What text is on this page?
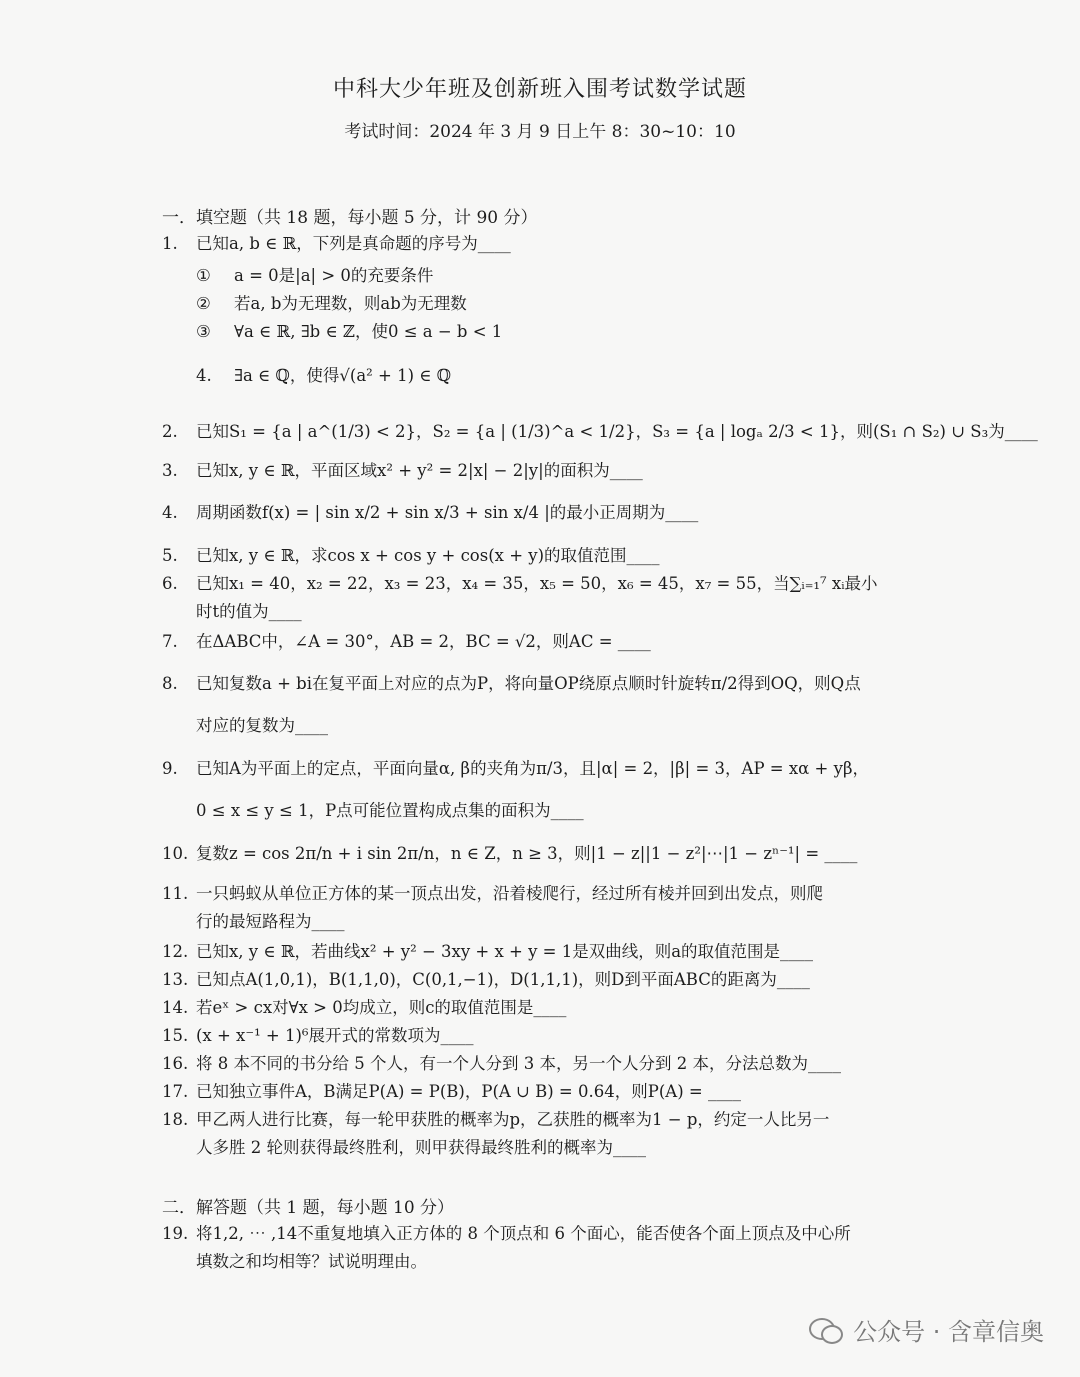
中科大少年班及创新班入围考试数学试题
考试时间：2024 年 3 月 9 日上午 8：30~10：10
一．填空题（共 18 题，每小题 5 分，计 90 分）
1. 已知a, b ∈ ℝ，下列是真命题的序号为____
① a = 0是|a| > 0的充要条件
② 若a, b为无理数，则ab为无理数
③ ∀a ∈ ℝ, ∃b ∈ ℤ，使0 ≤ a − b < 1
4. ∃a ∈ ℚ，使得√(a² + 1) ∈ ℚ
2. 已知S₁ = {a | a^(1/3) < 2}，S₂ = {a | (1/3)^a < 1/2}，S₃ = {a | logₐ 2/3 < 1}，则(S₁ ∩ S₂) ∪ S₃为____
3. 已知x, y ∈ ℝ，平面区域x² + y² = 2|x| − 2|y|的面积为____
4. 周期函数f(x) = | sin x/2 + sin x/3 + sin x/4 |的最小正周期为____
5. 已知x, y ∈ ℝ，求cos x + cos y + cos(x + y)的取值范围____
6. 已知x₁ = 40，x₂ = 22，x₃ = 23，x₄ = 35，x₅ = 50，x₆ = 45，x₇ = 55，当∑ᵢ₌₁⁷ xᵢ最小
时t的值为____
7. 在ΔABC中，∠A = 30°，AB = 2，BC = √2，则AC = ____
8. 已知复数a + bi在复平面上对应的点为P，将向量OP绕原点顺时针旋转π/2得到OQ，则Q点
对应的复数为____
9. 已知A为平面上的定点，平面向量α, β的夹角为π/3，且|α| = 2，|β| = 3，AP = xα + yβ，
0 ≤ x ≤ y ≤ 1，P点可能位置构成点集的面积为____
10. 复数z = cos 2π/n + i sin 2π/n，n ∈ Z，n ≥ 3，则|1 − z||1 − z²|⋯|1 − zⁿ⁻¹| = ____
11. 一只蚂蚁从单位正方体的某一顶点出发，沿着棱爬行，经过所有棱并回到出发点，则爬
行的最短路程为____
12. 已知x, y ∈ ℝ，若曲线x² + y² − 3xy + x + y = 1是双曲线，则a的取值范围是____
13. 已知点A(1,0,1)，B(1,1,0)，C(0,1,−1)，D(1,1,1)，则D到平面ABC的距离为____
14. 若eˣ > cx对∀x > 0均成立，则c的取值范围是____
15. (x + x⁻¹ + 1)⁶展开式的常数项为____
16. 将 8 本不同的书分给 5 个人，有一个人分到 3 本，另一个人分到 2 本，分法总数为____
17. 已知独立事件A，B满足P(A) = P(B)，P(A ∪ B) = 0.64，则P(A) = ____
18. 甲乙两人进行比赛，每一轮甲获胜的概率为p，乙获胜的概率为1 − p，约定一人比另一
人多胜 2 轮则获得最终胜利，则甲获得最终胜利的概率为____
二．解答题（共 1 题，每小题 10 分）
19. 将1,2, ⋯ ,14不重复地填入正方体的 8 个顶点和 6 个面心，能否使各个面上顶点及中心所
填数之和均相等？试说明理由。
公众号 · 含章信奥
